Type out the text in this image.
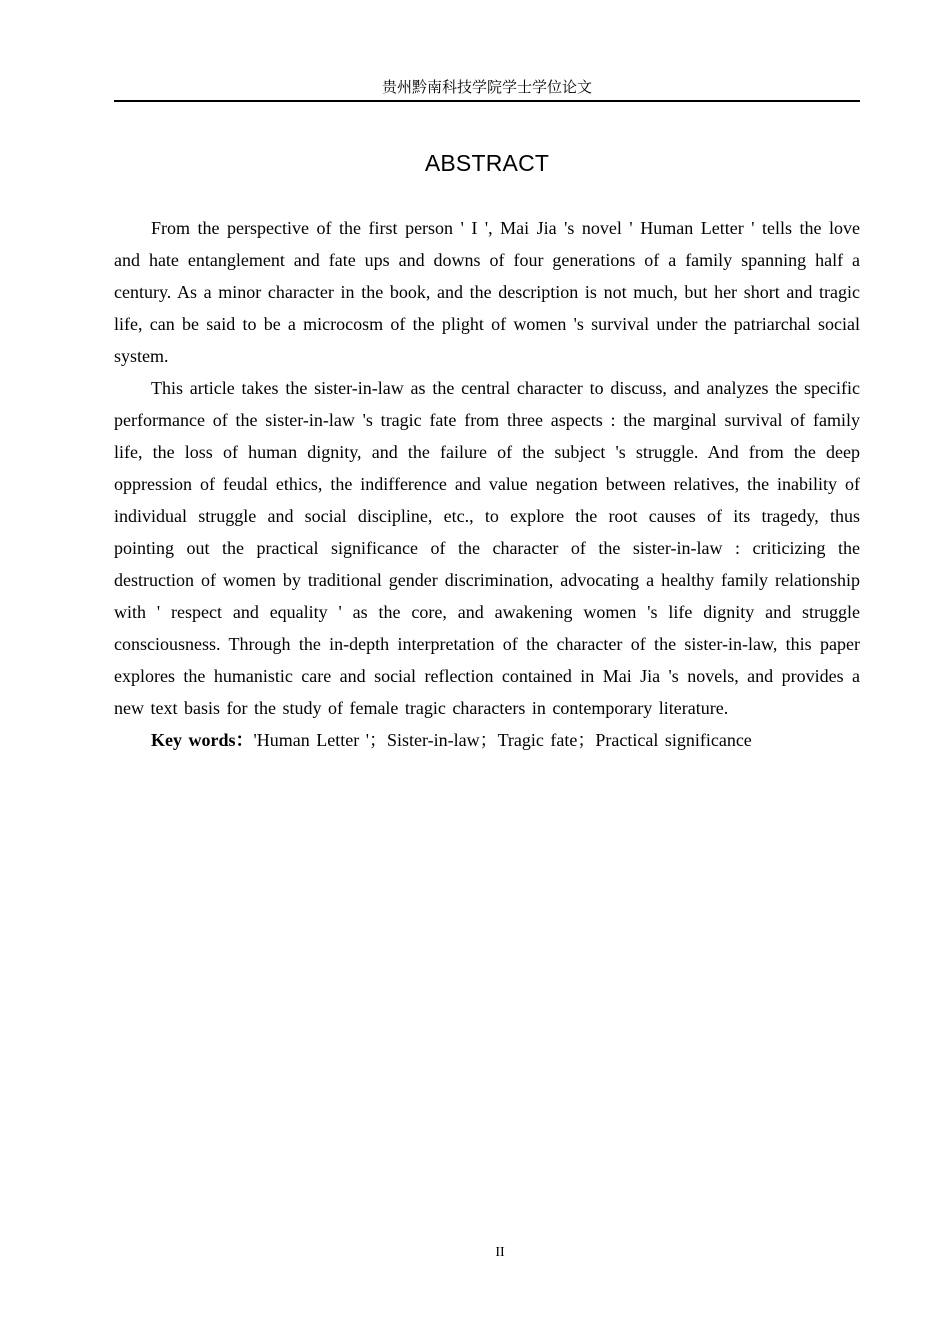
贵州黔南科技学院学士学位论文
ABSTRACT

From the perspective of the first person ' I ', Mai Jia 's novel ' Human Letter ' tells the love and hate entanglement and fate ups and downs of four generations of a family spanning half a century. As a minor character in the book, and the description is not much, but her short and tragic life, can be said to be a microcosm of the plight of women 's survival under the patriarchal social system.

This article takes the sister-in-law as the central character to discuss, and analyzes the specific performance of the sister-in-law 's tragic fate from three aspects : the marginal survival of family life, the loss of human dignity, and the failure of the subject 's struggle. And from the deep oppression of feudal ethics, the indifference and value negation between relatives, the inability of individual struggle and social discipline, etc., to explore the root causes of its tragedy, thus pointing out the practical significance of the character of the sister-in-law : criticizing the destruction of women by traditional gender discrimination, advocating a healthy family relationship with ' respect and equality ' as the core, and awakening women 's life dignity and struggle consciousness. Through the in-depth interpretation of the character of the sister-in-law, this paper explores the humanistic care and social reflection contained in Mai Jia 's novels, and provides a new text basis for the study of female tragic characters in contemporary literature.

Key words：'Human Letter '；Sister-in-law；Tragic fate；Practical significance

II
